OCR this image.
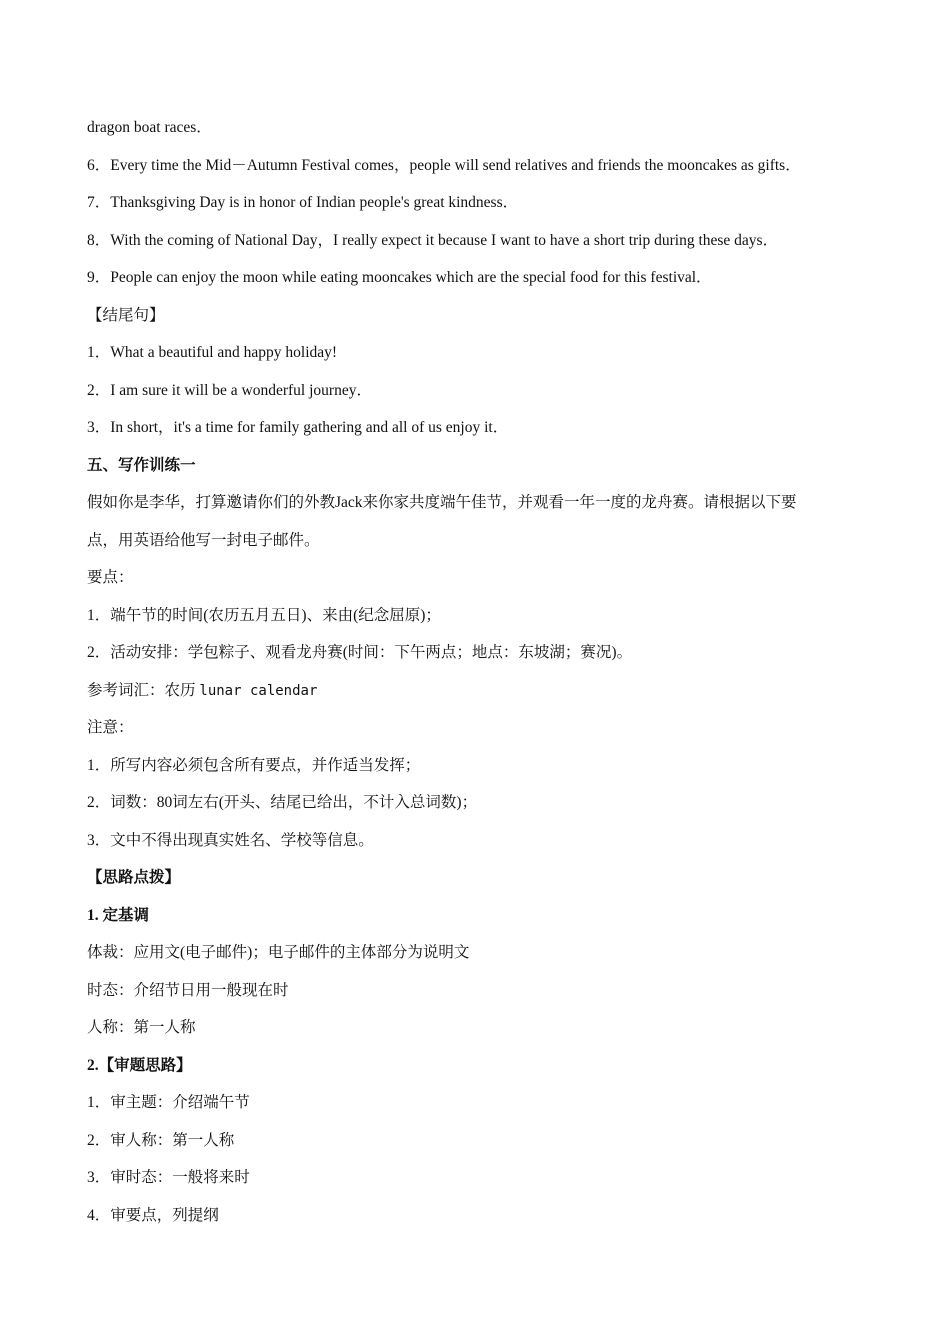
dragon boat races．

6．Every time the Mid－Autumn Festival comes，people will send relatives and friends the mooncakes as gifts．

7．Thanksgiving Day is in honor of Indian people's great kindness．

8．With the coming of National Day，I really expect it because I want to have a short trip during these days．

9．People can enjoy the moon while eating mooncakes which are the special food for this festival．

【结尾句】

1．What a beautiful and happy holiday!

2．I am sure it will be a wonderful journey．

3．In short，it's a time for family gathering and all of us enjoy it．

五、写作训练一

假如你是李华，打算邀请你们的外教Jack来你家共度端午佳节，并观看一年一度的龙舟赛。请根据以下要

点，用英语给他写一封电子邮件。

要点：

1．端午节的时间(农历五月五日)、来由(纪念屈原)；

2．活动安排：学包粽子、观看龙舟赛(时间：下午两点；地点：东坡湖；赛况)。

参考词汇：农历 lunar calendar

注意：

1．所写内容必须包含所有要点，并作适当发挥；

2．词数：80词左右(开头、结尾已给出，不计入总词数)；

3．文中不得出现真实姓名、学校等信息。

【思路点拨】

1. 定基调

体裁：应用文(电子邮件)；电子邮件的主体部分为说明文

时态：介绍节日用一般现在时

人称：第一人称

2.【审题思路】

1．审主题：介绍端午节

2．审人称：第一人称

3．审时态：一般将来时

4．审要点，列提纲
